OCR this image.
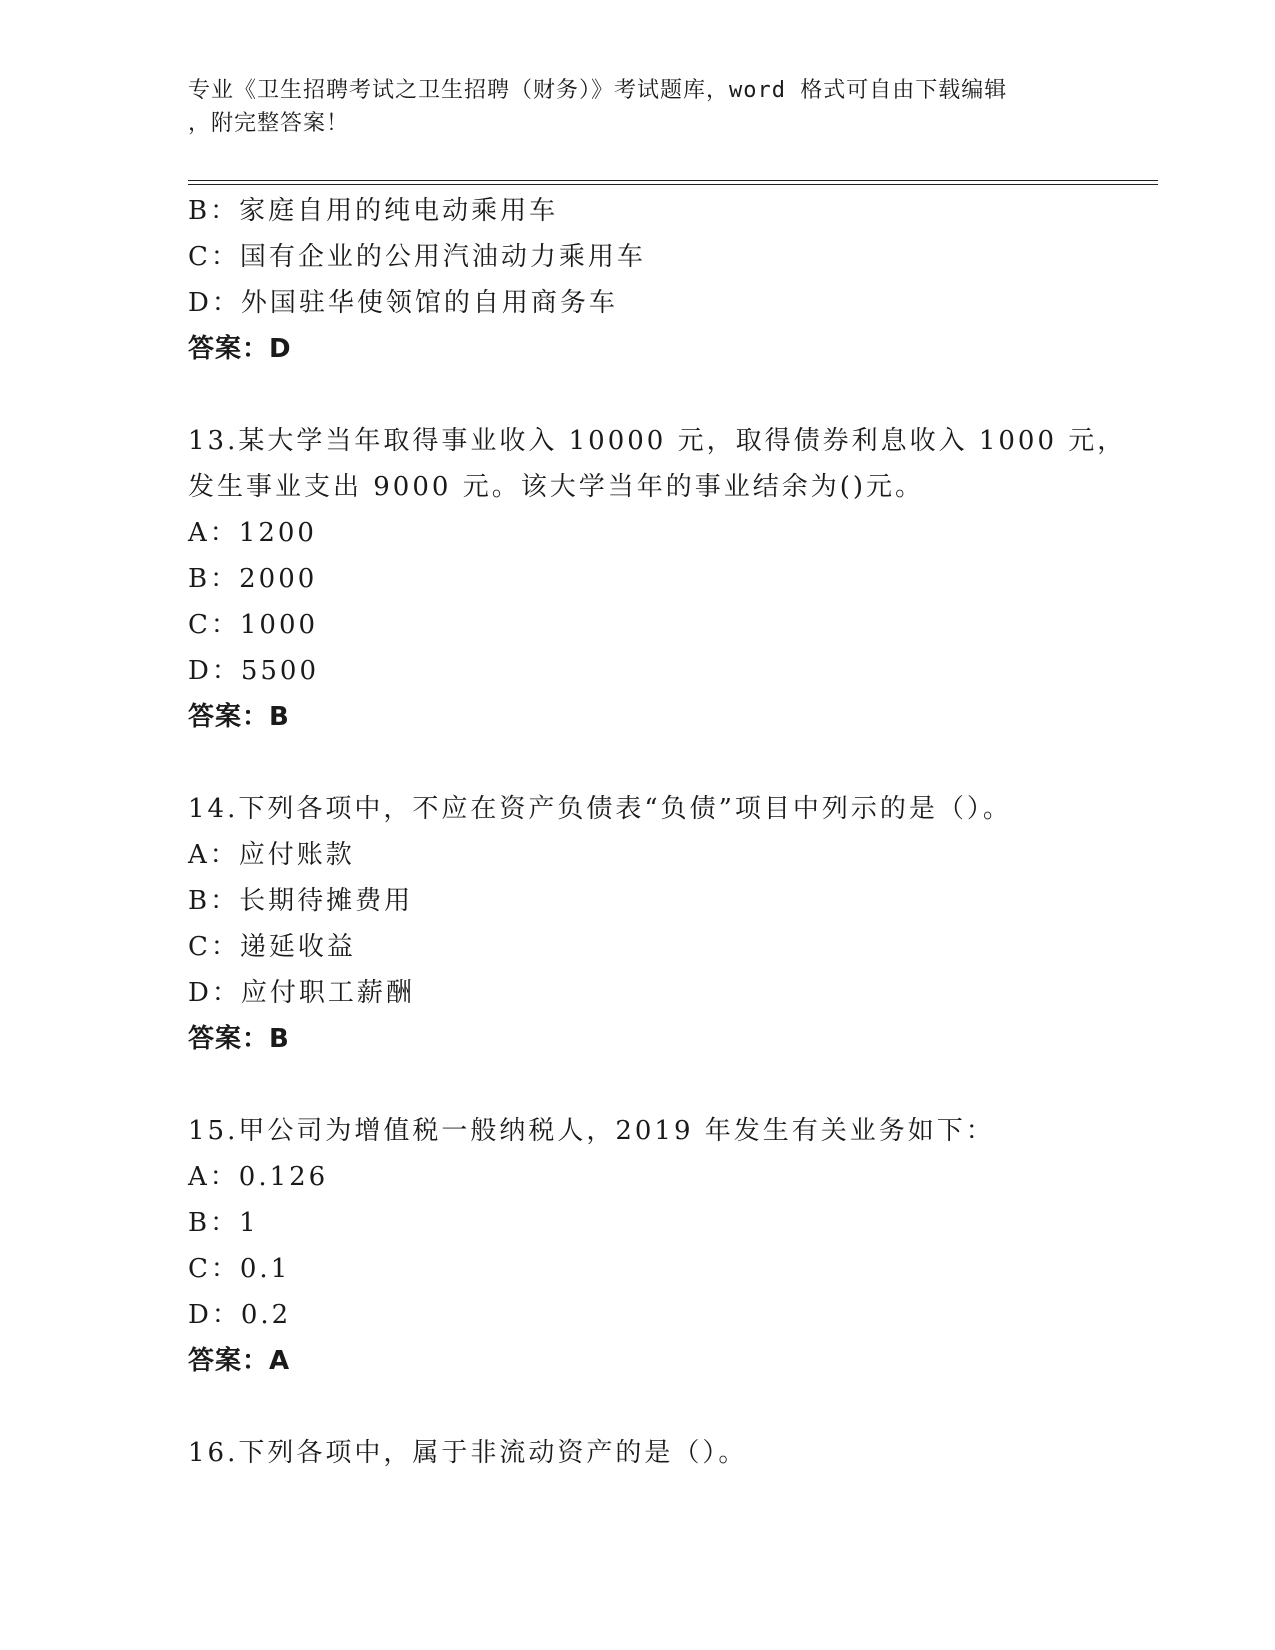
专业《卫生招聘考试之卫生招聘（财务）》考试题库，word 格式可自由下载编辑
，附完整答案！
B：家庭自用的纯电动乘用车
C：国有企业的公用汽油动力乘用车
D：外国驻华使领馆的自用商务车
答案：D
13.某大学当年取得事业收入 10000 元，取得债券利息收入 1000 元，
发生事业支出 9000 元。该大学当年的事业结余为()元。
A：1200
B：2000
C：1000
D：5500
答案：B
14.下列各项中，不应在资产负债表“负债”项目中列示的是（）。
A：应付账款
B：长期待摊费用
C：递延收益
D：应付职工薪酬
答案：B
15.甲公司为增值税一般纳税人，2019 年发生有关业务如下：
A：0.126
B：1
C：0.1
D：0.2
答案：A
16.下列各项中，属于非流动资产的是（）。
